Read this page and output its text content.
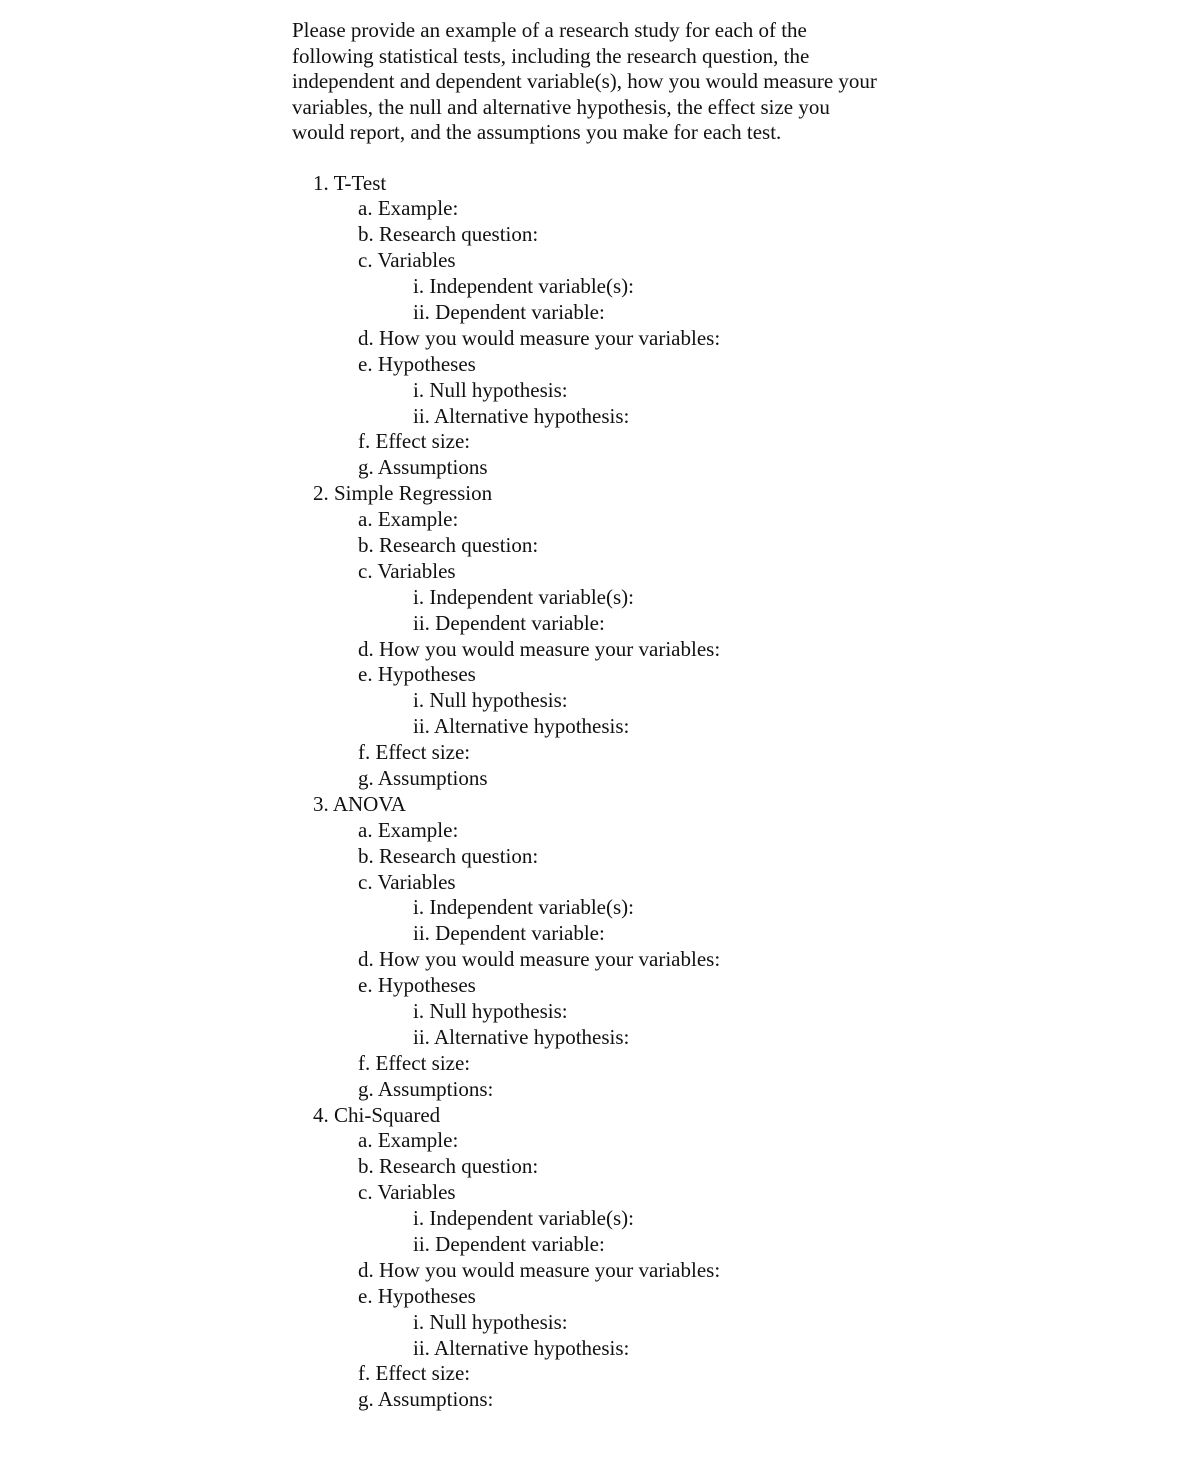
Please provide an example of a research study for each of the following statistical tests, including the research question, the independent and dependent variable(s), how you would measure your variables, the null and alternative hypothesis, the effect size you would report, and the assumptions you make for each test.

1. T-Test
a. Example:
b. Research question:
c. Variables
i. Independent variable(s):
ii. Dependent variable:
d. How you would measure your variables:
e. Hypotheses
i. Null hypothesis:
ii. Alternative hypothesis:
f. Effect size:
g. Assumptions
2. Simple Regression
a. Example:
b. Research question:
c. Variables
i. Independent variable(s):
ii. Dependent variable:
d. How you would measure your variables:
e. Hypotheses
i. Null hypothesis:
ii. Alternative hypothesis:
f. Effect size:
g. Assumptions
3. ANOVA
a. Example:
b. Research question:
c. Variables
i. Independent variable(s):
ii. Dependent variable:
d. How you would measure your variables:
e. Hypotheses
i. Null hypothesis:
ii. Alternative hypothesis:
f. Effect size:
g. Assumptions:
4. Chi-Squared
a. Example:
b. Research question:
c. Variables
i. Independent variable(s):
ii. Dependent variable:
d. How you would measure your variables:
e. Hypotheses
i. Null hypothesis:
ii. Alternative hypothesis:
f. Effect size:
g. Assumptions:
